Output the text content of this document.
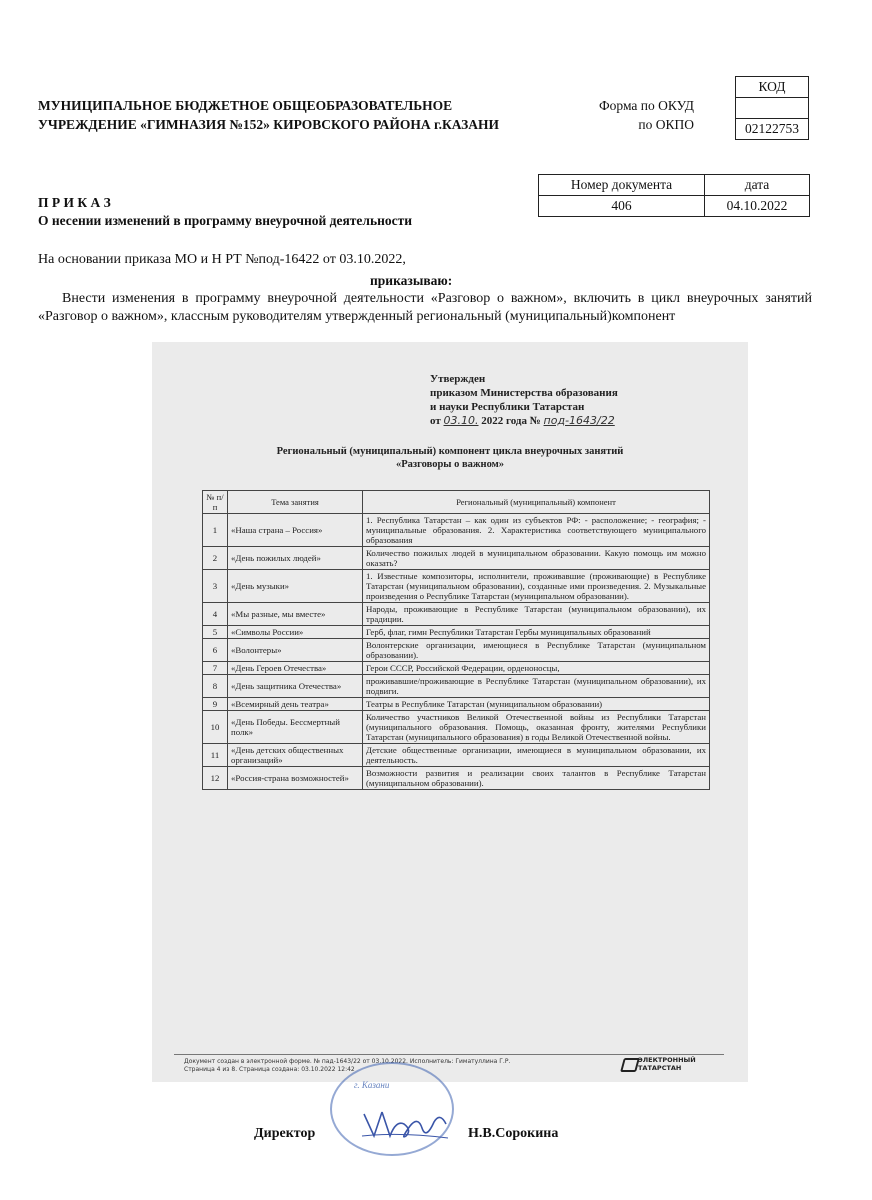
МУНИЦИПАЛЬНОЕ БЮДЖЕТНОЕ ОБЩЕОБРАЗОВАТЕЛЬНОЕ
УЧРЕЖДЕНИЕ «ГИМНАЗИЯ №152» КИРОВСКОГО РАЙОНА г.КАЗАНИ
Форма по ОКУД
по ОКПО
КОД

02122753
Номер документа	дата
406	04.10.2022
П Р И К А З
О несении изменений в программу внеурочной деятельности
На основании приказа МО и Н РТ №под-16422 от 03.10.2022,
приказываю:
Внести изменения в программу внеурочной деятельности «Разговор о важном», включить в цикл внеурочных занятий «Разговор о важном», классным руководителям утвержденный региональный (муниципальный)компонент
Утвержден
приказом Министерства образования
и науки Республики Татарстан
от 03.10. 2022 года № под-1643/22
Региональный (муниципальный) компонент цикла внеурочных занятий
«Разговоры о важном»
№ п/п	Тема занятия	Региональный (муниципальный) компонент
1	«Наша страна – Россия»	1. Республика Татарстан – как один из субъектов РФ: - расположение; - география; - муниципальные образования. 2. Характеристика соответствующего муниципального образования
2	«День пожилых людей»	Количество пожилых людей в муниципальном образовании. Какую помощь им можно оказать?
3	«День музыки»	1. Известные композиторы, исполнители, проживавшие (проживающие) в Республике Татарстан (муниципальном образовании), созданные ими произведения. 2. Музыкальные произведения о Республике Татарстан (муниципальном образовании).
4	«Мы разные, мы вместе»	Народы, проживающие в Республике Татарстан (муниципальном образовании), их традиции.
5	«Символы России»	Герб, флаг, гимн Республики Татарстан Гербы муниципальных образований
6	«Волонтеры»	Волонтерские организации, имеющиеся в Республике Татарстан (муниципальном образовании).
7	«День Героев Отечества»	Герои СССР, Российской Федерации, орденоносцы,
8	«День защитника Отечества»	проживавшие/проживающие в Республике Татарстан (муниципальном образовании), их подвиги.
9	«Всемирный день театра»	Театры в Республике Татарстан (муниципальном образовании)
10	«День Победы. Бессмертный полк»	Количество участников Великой Отечественной войны из Республики Татарстан (муниципального образования. Помощь, оказанная фронту, жителями Республики Татарстан (муниципального образования) в годы Великой Отечественной войны.
11	«День детских общественных организаций»	Детские общественные организации, имеющиеся в муниципальном образовании, их деятельность.
12	«Россия-страна возможностей»	Возможности развития и реализации своих талантов в Республике Татарстан (муниципальном образовании).
Документ создан в электронной форме. № пад-1643/22 от 03.10.2022. Исполнитель: Гиматуллина Г.Р.
Страница 4 из 8. Страница создана: 03.10.2022 12:42
ЭЛЕКТРОННЫЙ
ТАТАРСТАН
г. Казани
Директор	Н.В.Сорокина
